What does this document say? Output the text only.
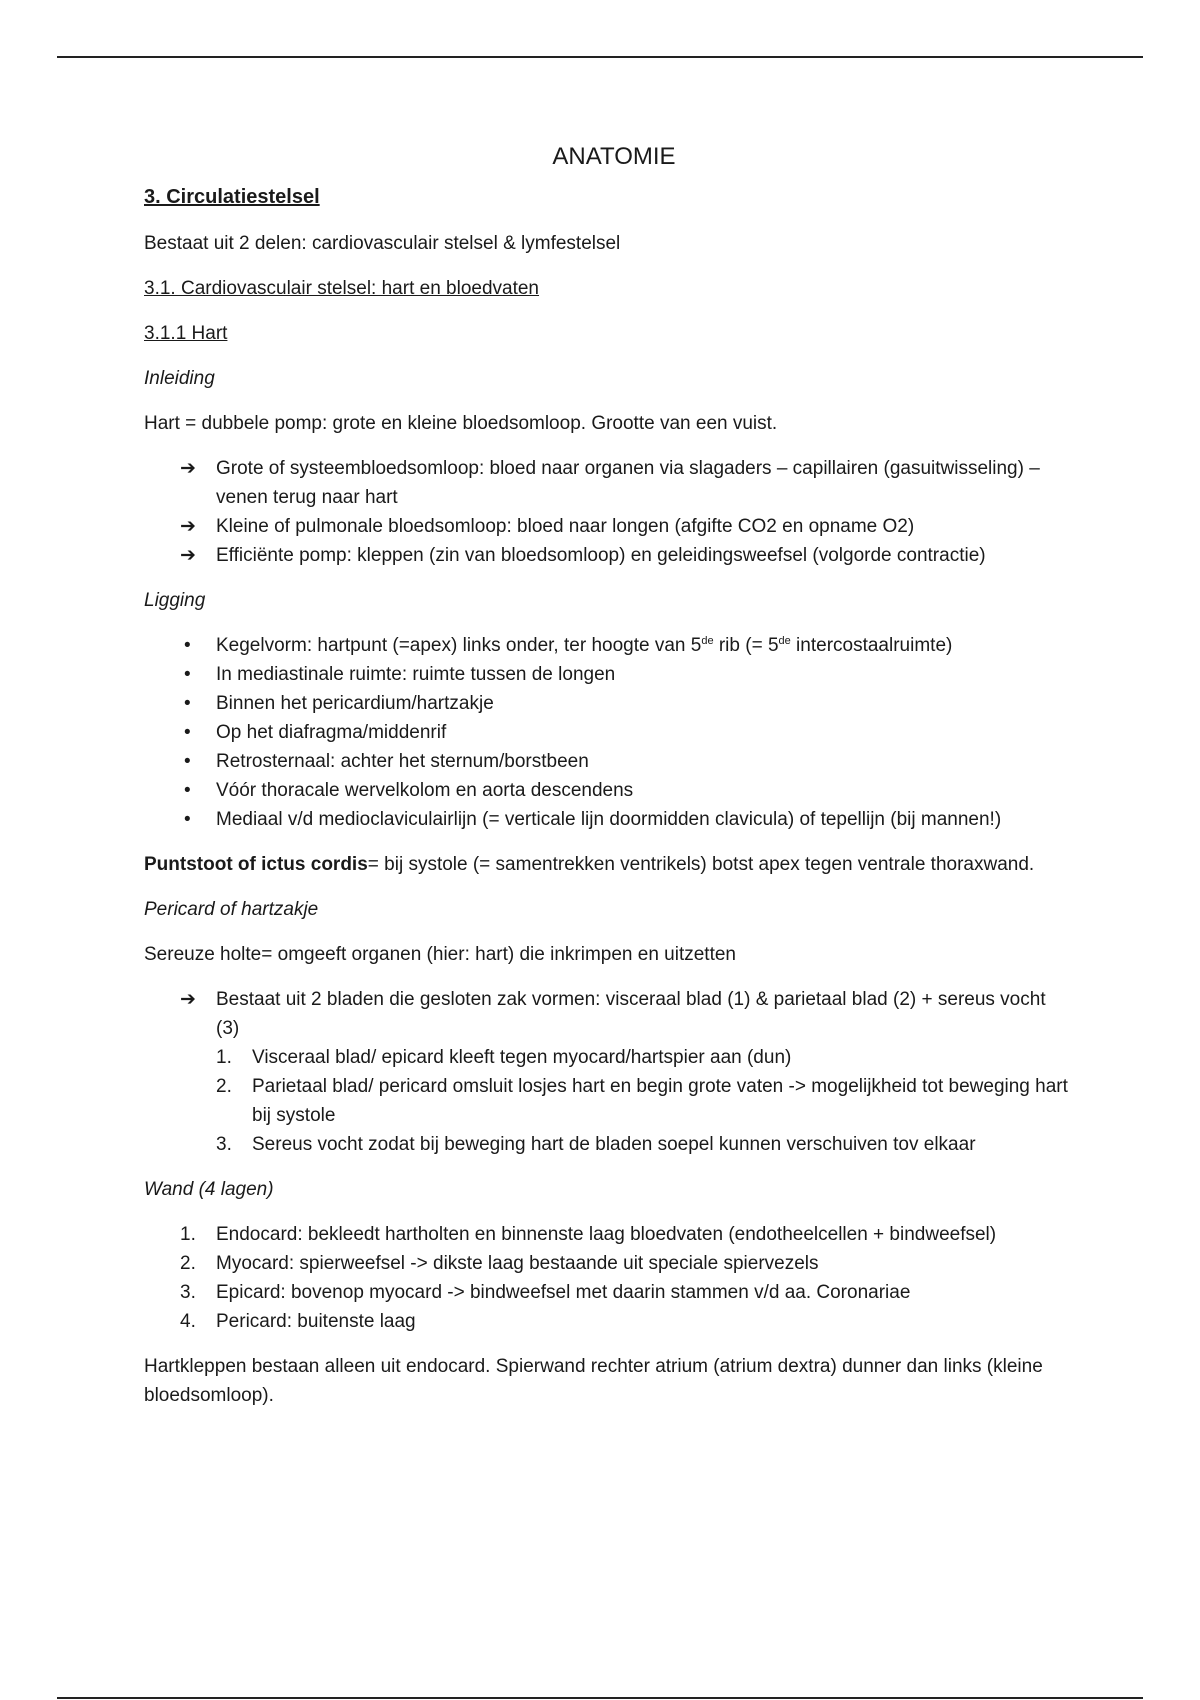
ANATOMIE
3. Circulatiestelsel

Bestaat uit 2 delen: cardiovasculair stelsel & lymfestelsel

3.1. Cardiovasculair stelsel: hart en bloedvaten

3.1.1 Hart

Inleiding

Hart = dubbele pomp: grote en kleine bloedsomloop. Grootte van een vuist.

➔ Grote of systeembloedsomloop: bloed naar organen via slagaders – capillairen (gasuitwisseling) – venen terug naar hart
➔ Kleine of pulmonale bloedsomloop: bloed naar longen (afgifte CO2 en opname O2)
➔ Efficiënte pomp: kleppen (zin van bloedsomloop) en geleidingsweefsel (volgorde contractie)

Ligging

• Kegelvorm: hartpunt (=apex) links onder, ter hoogte van 5de rib (= 5de intercostaalruimte)
• In mediastinale ruimte: ruimte tussen de longen
• Binnen het pericardium/hartzakje
• Op het diafragma/middenrif
• Retrosternaal: achter het sternum/borstbeen
• Vóór thoracale wervelkolom en aorta descendens
• Mediaal v/d medioclaviculairlijn (= verticale lijn doormidden clavicula) of tepellijn (bij mannen!)

Puntstoot of ictus cordis= bij systole (= samentrekken ventrikels) botst apex tegen ventrale thoraxwand.

Pericard of hartzakje

Sereuze holte= omgeeft organen (hier: hart) die inkrimpen en uitzetten

➔ Bestaat uit 2 bladen die gesloten zak vormen: visceraal blad (1) & parietaal blad (2) + sereus vocht (3)
1. Visceraal blad/ epicard kleeft tegen myocard/hartspier aan (dun)
2. Parietaal blad/ pericard omsluit losjes hart en begin grote vaten -> mogelijkheid tot beweging hart bij systole
3. Sereus vocht zodat bij beweging hart de bladen soepel kunnen verschuiven tov elkaar

Wand (4 lagen)

1. Endocard: bekleedt hartholten en binnenste laag bloedvaten (endotheelcellen + bindweefsel)
2. Myocard: spierweefsel -> dikste laag bestaande uit speciale spiervezels
3. Epicard: bovenop myocard -> bindweefsel met daarin stammen v/d aa. Coronariae
4. Pericard: buitenste laag

Hartkleppen bestaan alleen uit endocard. Spierwand rechter atrium (atrium dextra) dunner dan links (kleine bloedsomloop).
